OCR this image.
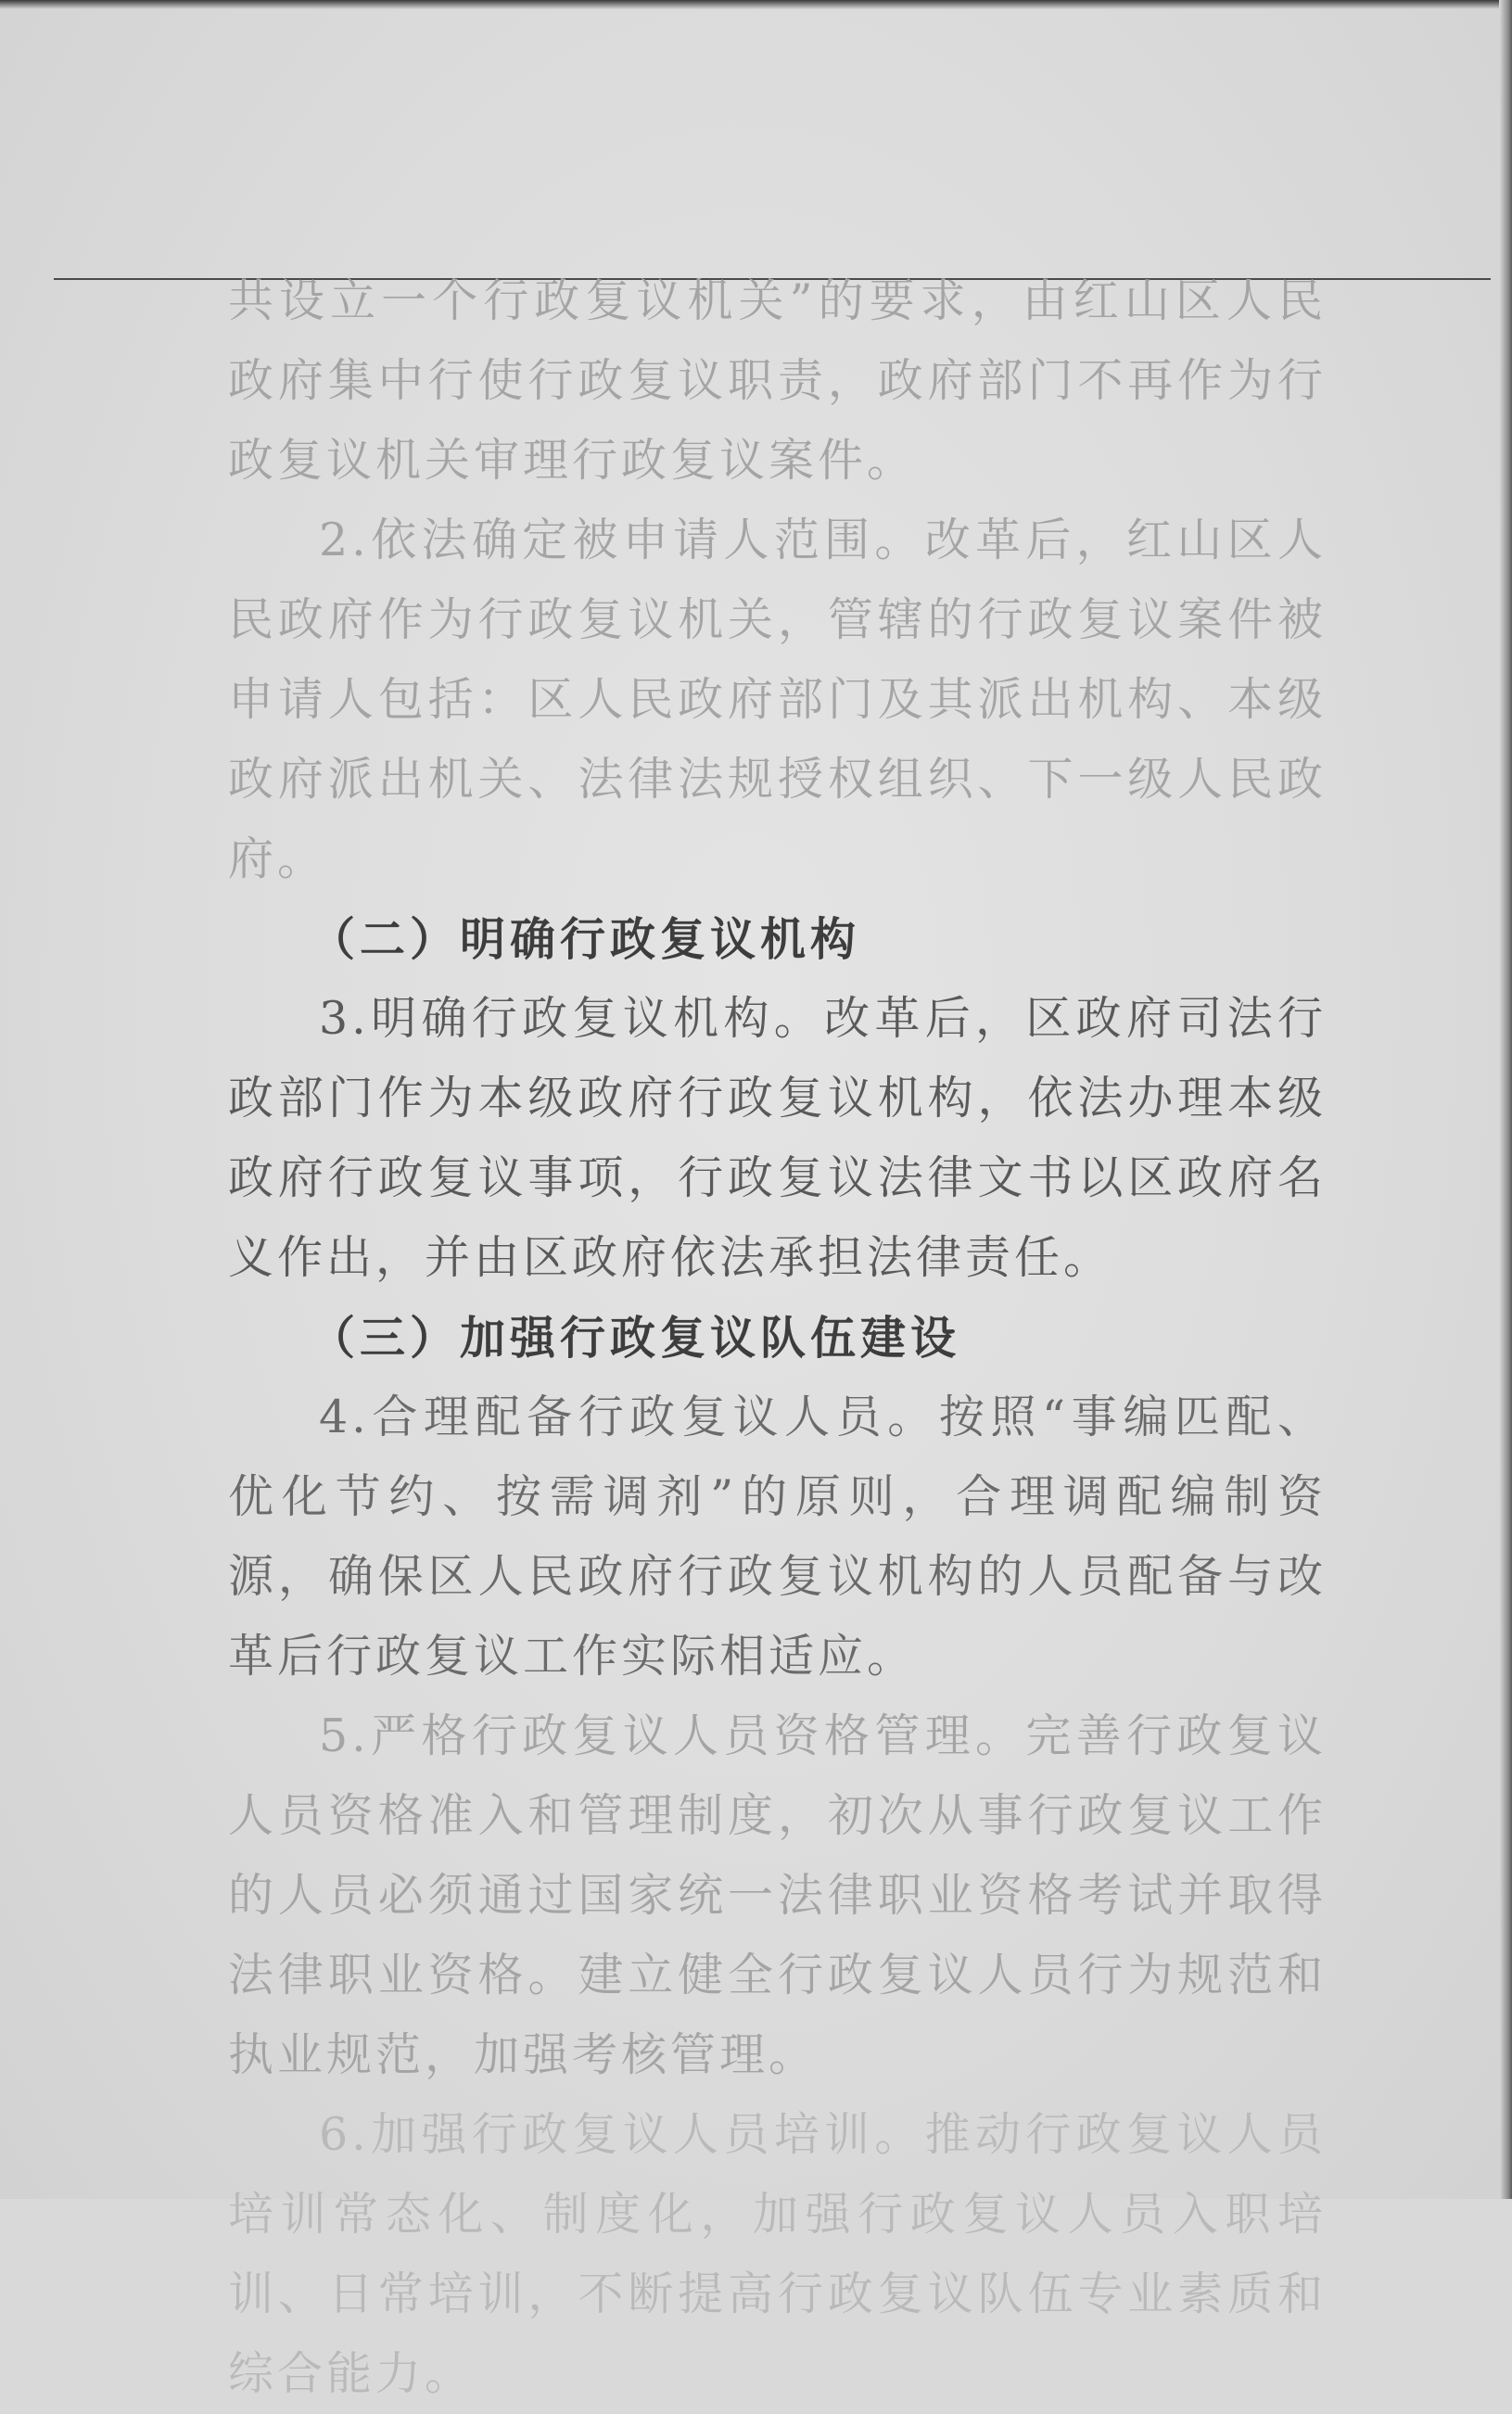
共设立一个行政复议机关”的要求，由红山区人民政府集中行使行政复议职责，政府部门不再作为行政复议机关审理行政复议案件。

2.依法确定被申请人范围。改革后，红山区人民政府作为行政复议机关，管辖的行政复议案件被申请人包括：区人民政府部门及其派出机构、本级政府派出机关、法律法规授权组织、下一级人民政府。

（二）明确行政复议机构

3.明确行政复议机构。改革后，区政府司法行政部门作为本级政府行政复议机构，依法办理本级政府行政复议事项，行政复议法律文书以区政府名义作出，并由区政府依法承担法律责任。

（三）加强行政复议队伍建设

4.合理配备行政复议人员。按照“事编匹配、优化节约、按需调剂”的原则，合理调配编制资源，确保区人民政府行政复议机构的人员配备与改革后行政复议工作实际相适应。

5.严格行政复议人员资格管理。完善行政复议人员资格准入和管理制度，初次从事行政复议工作的人员必须通过国家统一法律职业资格考试并取得法律职业资格。建立健全行政复议人员行为规范和执业规范，加强考核管理。

6.加强行政复议人员培训。推动行政复议人员培训常态化、制度化，加强行政复议人员入职培训、日常培训，不断提高行政复议队伍专业素质和综合能力。
